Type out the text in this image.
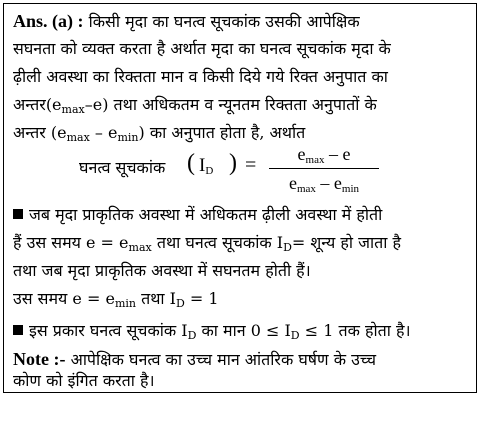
Ans. (a) : किसी मृदा का घनत्व सूचकांक उसकी आपेक्षिक
सघनता को व्यक्त करता है अर्थात मृदा का घनत्व सूचकांक मृदा के
ढ़ीली अवस्था का रिक्तता मान व किसी दिये गये रिक्त अनुपात का
$अन्तर(e_{max}-e)$ तथा अधिकतम व न्यूनतम रिक्तता अनुपातों के
अन्तर $(e_{max} - e_{min})$ का अनुपात होता है, अर्थात
घनत्व सूचकांक ( $I_D$ ) =	$e_{max}$ – e
$e_{max} - e_{min}$
जब मृदा प्राकृतिक अवस्था में अधिकतम ढ़ीली अवस्था में होती
हैं उस समय $e = e_{max}$ तथा घनत्व सूचकांक $I_D=$ शून्य हो जाता है
तथा जब मृदा प्राकृतिक अवस्था में सघनतम होती हैं।
उस समय $e = e_{min}$ तथा $I_D = 1$
इस प्रकार घनत्व सूचकांक $I_D$ का मान $0 \le I_D \le 1$ तक होता है।
Note :- आपेक्षिक घनत्व का उच्च मान आंतरिक घर्षण के उच्च
कोण को इंगित करता है।
